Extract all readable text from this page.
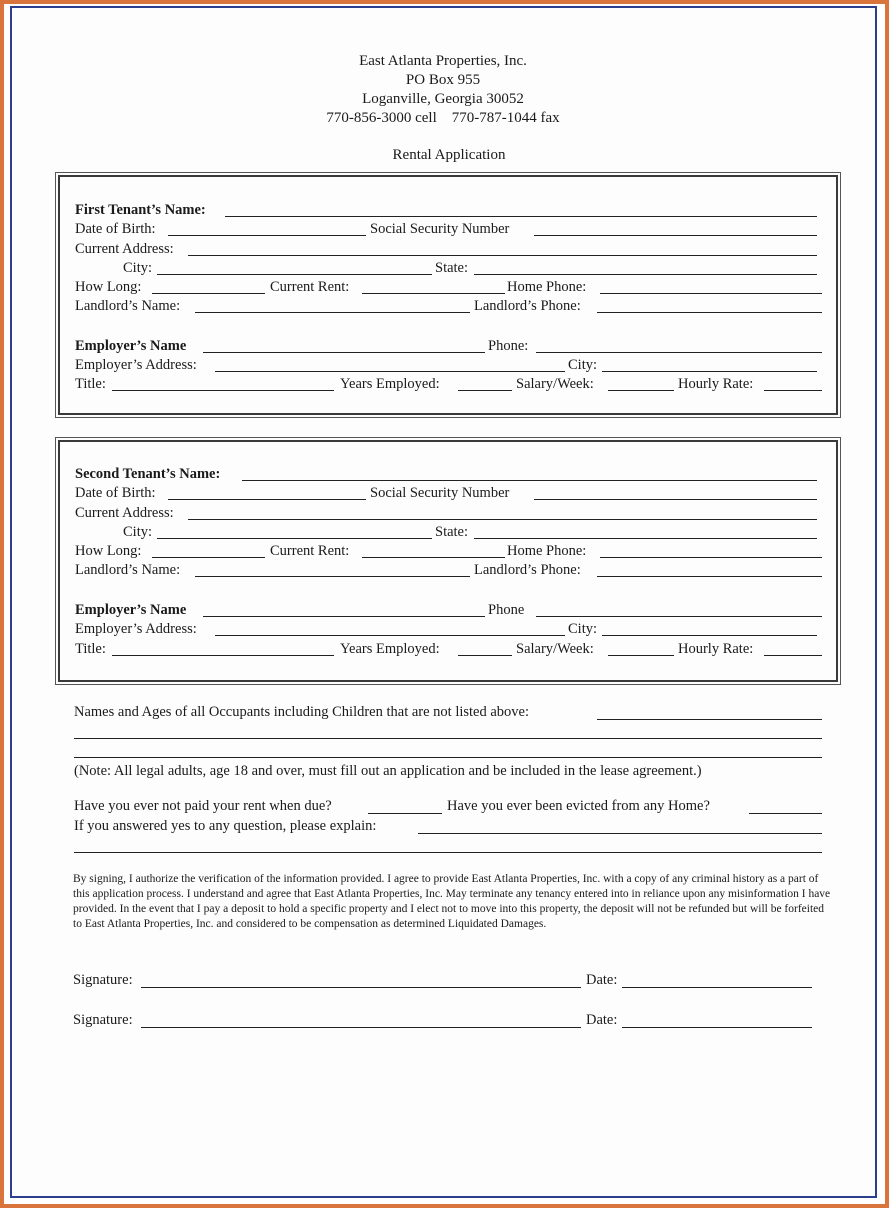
East Atlanta Properties, Inc.
PO Box 955
Loganville, Georgia 30052
770-856-3000 cell    770-787-1044 fax
Rental Application
First Tenant’s Name:
Date of Birth:	Social Security Number
Current Address:
City:	State:
How Long:	Current Rent:	Home Phone:
Landlord’s Name:	Landlord’s Phone:
Employer’s Name	Phone:
Employer’s Address:	City:
Title:	Years Employed:	Salary/Week:	Hourly Rate:
Second Tenant’s Name:
Date of Birth:	Social Security Number
Current Address:
City:	State:
How Long:	Current Rent:	Home Phone:
Landlord’s Name:	Landlord’s Phone:
Employer’s Name	Phone
Employer’s Address:	City:
Title:	Years Employed:	Salary/Week:	Hourly Rate:
Names and Ages of all Occupants including Children that are not listed above:
(Note: All legal adults, age 18 and over, must fill out an application and be included in the lease agreement.)
Have you ever not paid your rent when due?	Have you ever been evicted from any Home?
If you answered yes to any question, please explain:
By signing, I authorize the verification of the information provided. I agree to provide East Atlanta Properties, Inc. with a copy of any criminal history as a part of this application process. I understand and agree that East Atlanta Properties, Inc. May terminate any tenancy entered into in reliance upon any misinformation I have provided. In the event that I pay a deposit to hold a specific property and I elect not to move into this property, the deposit will not be refunded but will be forfeited to East Atlanta Properties, Inc. and considered to be compensation as determined Liquidated Damages.
Signature:	Date:
Signature:	Date:
